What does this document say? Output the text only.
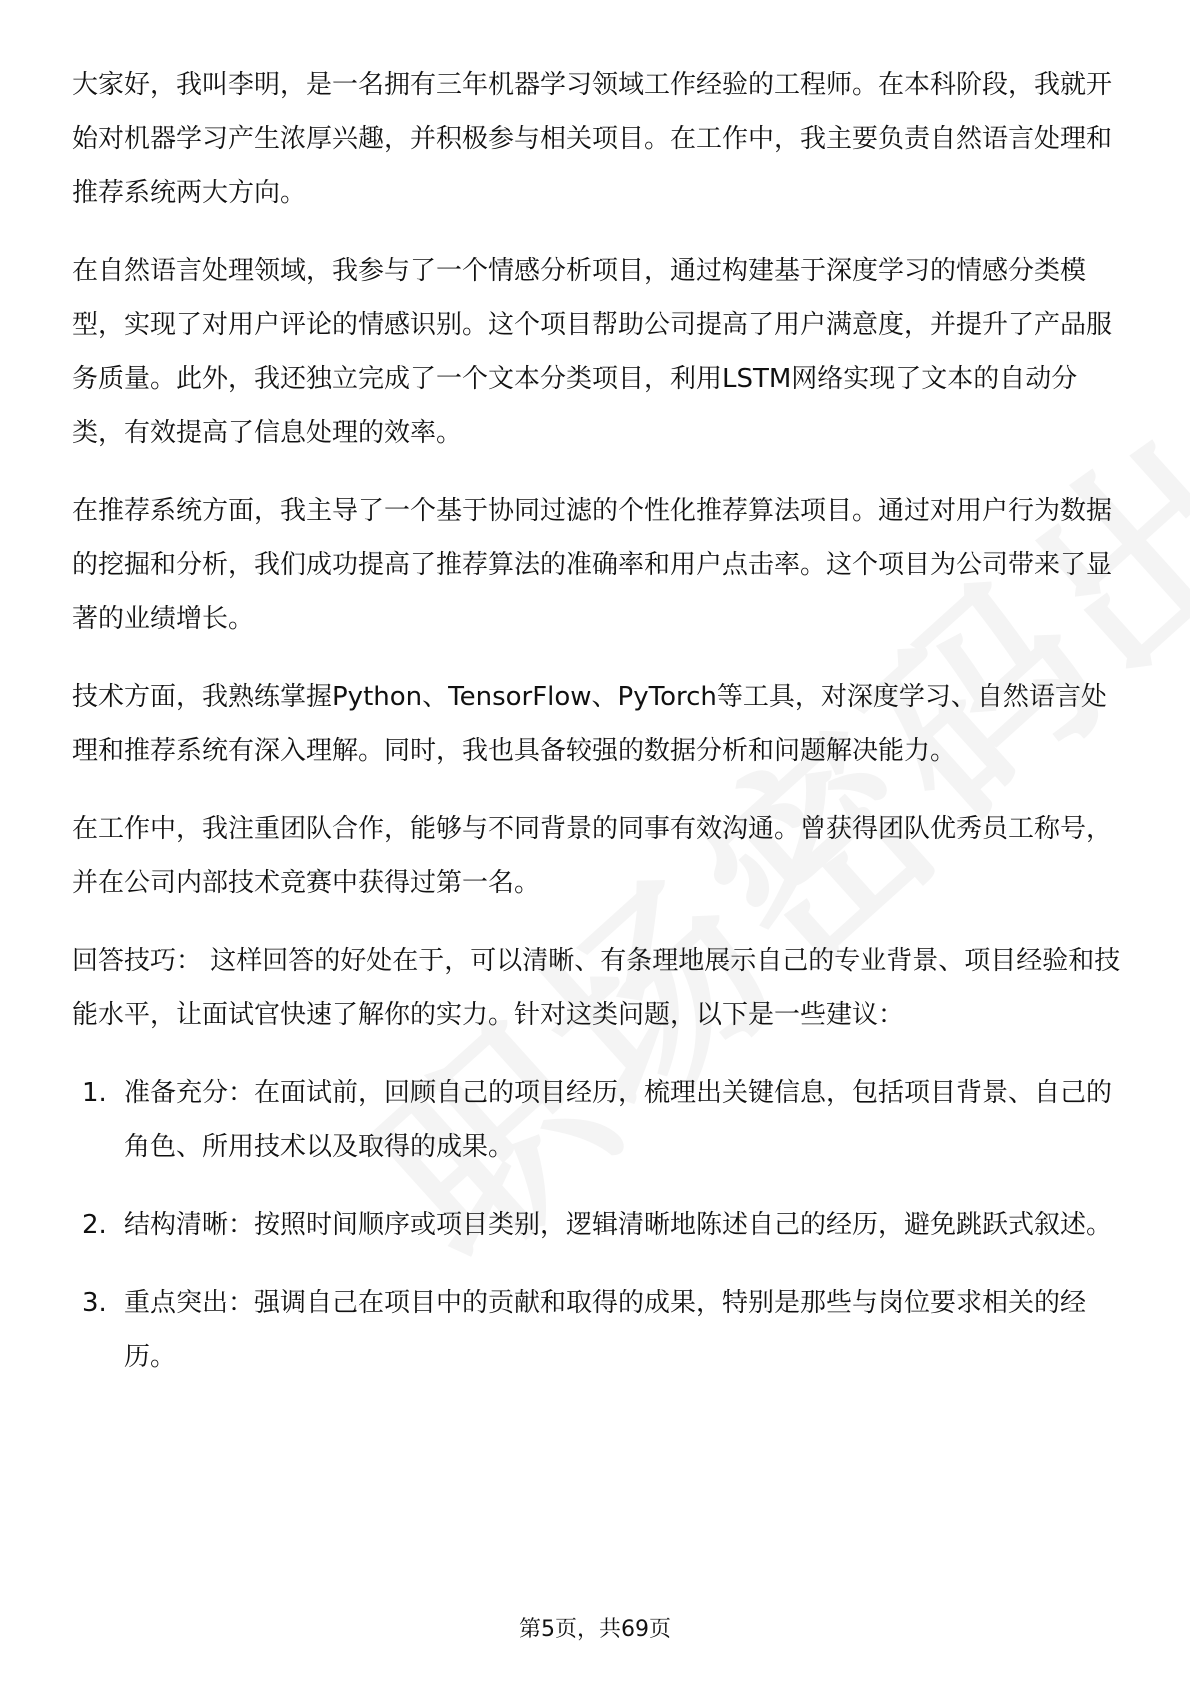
大家好，我叫李明，是一名拥有三年机器学习领域工作经验的工程师。在本科阶段，我就开始对机器学习产生浓厚兴趣，并积极参与相关项目。在工作中，我主要负责自然语言处理和推荐系统两大方向。

在自然语言处理领域，我参与了一个情感分析项目，通过构建基于深度学习的情感分类模型，实现了对用户评论的情感识别。这个项目帮助公司提高了用户满意度，并提升了产品服务质量。此外，我还独立完成了一个文本分类项目，利用LSTM网络实现了文本的自动分类，有效提高了信息处理的效率。

在推荐系统方面，我主导了一个基于协同过滤的个性化推荐算法项目。通过对用户行为数据的挖掘和分析，我们成功提高了推荐算法的准确率和用户点击率。这个项目为公司带来了显著的业绩增长。

技术方面，我熟练掌握Python、TensorFlow、PyTorch等工具，对深度学习、自然语言处理和推荐系统有深入理解。同时，我也具备较强的数据分析和问题解决能力。

在工作中，我注重团队合作，能够与不同背景的同事有效沟通。曾获得团队优秀员工称号，并在公司内部技术竞赛中获得过第一名。

回答技巧： 这样回答的好处在于，可以清晰、有条理地展示自己的专业背景、项目经验和技能水平，让面试官快速了解你的实力。针对这类问题，以下是一些建议：

1. 准备充分：在面试前，回顾自己的项目经历，梳理出关键信息，包括项目背景、自己的角色、所用技术以及取得的成果。
2. 结构清晰：按照时间顺序或项目类别，逻辑清晰地陈述自己的经历，避免跳跃式叙述。
3. 重点突出：强调自己在项目中的贡献和取得的成果，特别是那些与岗位要求相关的经历。
第5页，共69页
